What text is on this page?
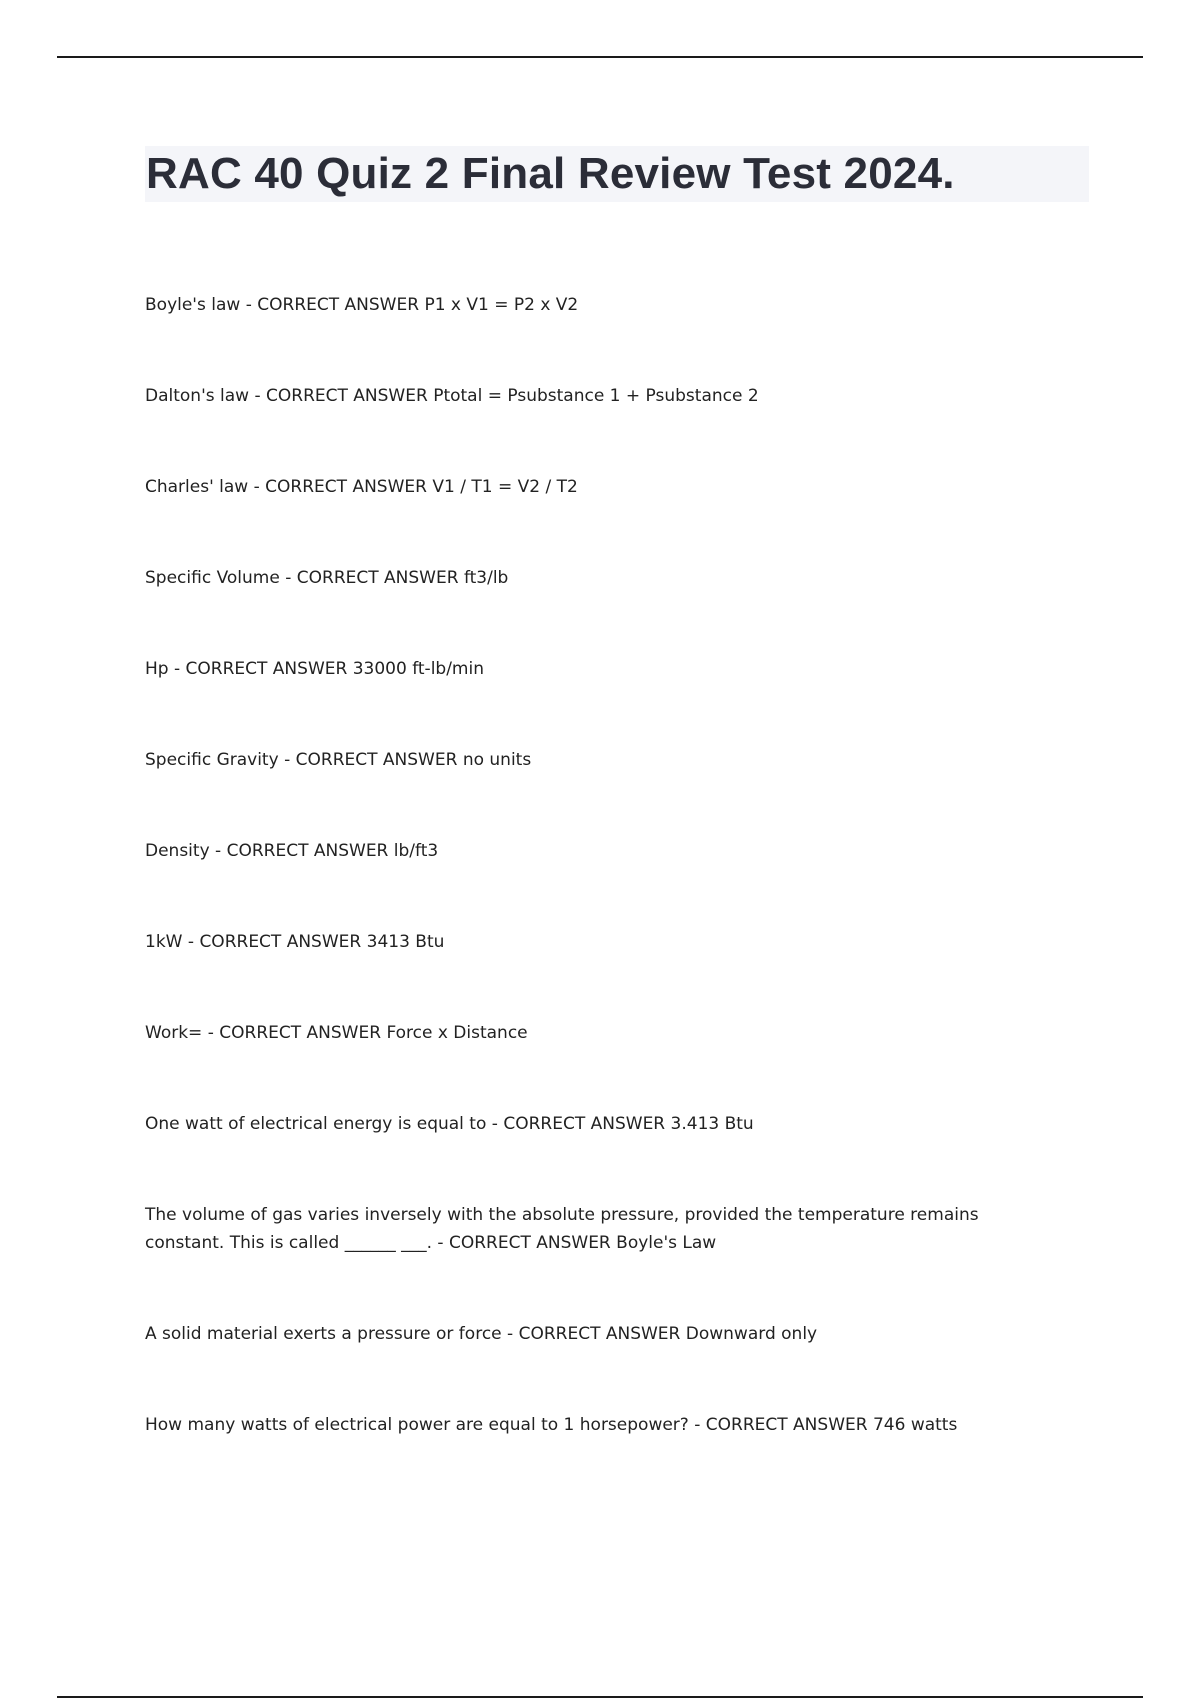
RAC 40 Quiz 2 Final Review Test 2024.
Boyle's law - CORRECT ANSWER P1 x V1 = P2 x V2
Dalton's law - CORRECT ANSWER Ptotal = Psubstance 1 + Psubstance 2
Charles' law - CORRECT ANSWER V1 / T1 = V2 / T2
Specific Volume - CORRECT ANSWER ft3/lb
Hp - CORRECT ANSWER 33000 ft-lb/min
Specific Gravity - CORRECT ANSWER no units
Density - CORRECT ANSWER lb/ft3
1kW - CORRECT ANSWER 3413 Btu
Work= - CORRECT ANSWER Force x Distance
One watt of electrical energy is equal to - CORRECT ANSWER 3.413 Btu
The volume of gas varies inversely with the absolute pressure, provided the temperature remains constant. This is called ______ ___. - CORRECT ANSWER Boyle's Law
A solid material exerts a pressure or force - CORRECT ANSWER Downward only
How many watts of electrical power are equal to 1 horsepower? - CORRECT ANSWER 746 watts
